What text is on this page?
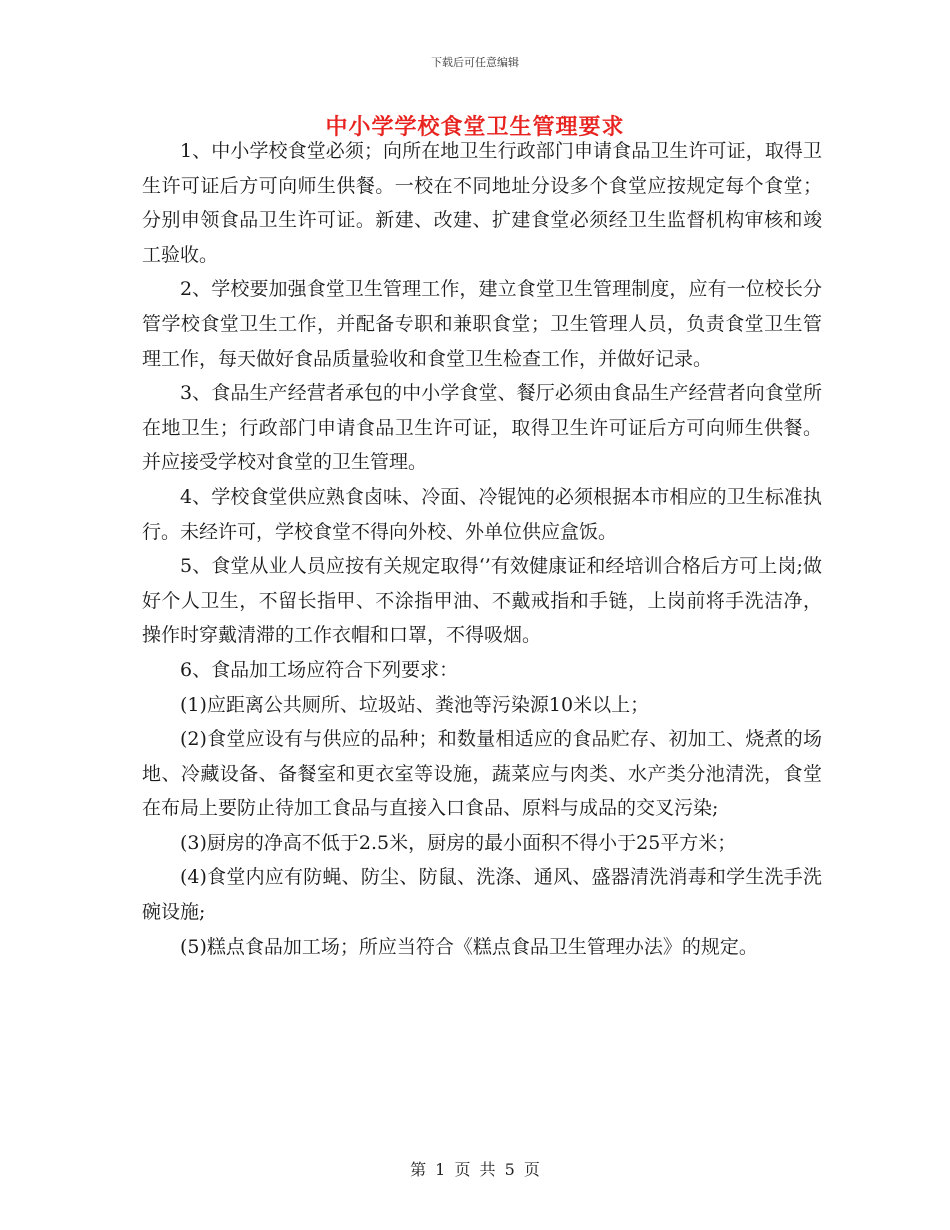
下载后可任意编辑
中小学学校食堂卫生管理要求

1、中小学校食堂必须；向所在地卫生行政部门申请食品卫生许可证，取得卫生许可证后方可向师生供餐。一校在不同地址分设多个食堂应按规定每个食堂；分别申领食品卫生许可证。新建、改建、扩建食堂必须经卫生监督机构审核和竣工验收。

2、学校要加强食堂卫生管理工作，建立食堂卫生管理制度，应有一位校长分管学校食堂卫生工作，并配备专职和兼职食堂；卫生管理人员，负责食堂卫生管理工作，每天做好食品质量验收和食堂卫生检查工作，并做好记录。

3、食品生产经营者承包的中小学食堂、餐厅必须由食品生产经营者向食堂所在地卫生；行政部门申请食品卫生许可证，取得卫生许可证后方可向师生供餐。并应接受学校对食堂的卫生管理。

4、学校食堂供应熟食卤味、冷面、冷锟饨的必须根据本市相应的卫生标准执行。未经许可，学校食堂不得向外校、外单位供应盒饭。

5、食堂从业人员应按有关规定取得‘’有效健康证和经培训合格后方可上岗;做好个人卫生，不留长指甲、不涂指甲油、不戴戒指和手链，上岗前将手洗洁净，操作时穿戴清滞的工作衣帽和口罩，不得吸烟。

6、食品加工场应符合下列要求：

(1)应距离公共厕所、垃圾站、粪池等污染源10米以上；

(2)食堂应设有与供应的品种；和数量相适应的食品贮存、初加工、烧煮的场地、冷藏设备、备餐室和更衣室等设施，蔬菜应与肉类、水产类分池清洗，食堂在布局上要防止待加工食品与直接入口食品、原料与成品的交叉污染;

(3)厨房的净高不低于2.5米，厨房的最小面积不得小于25平方米；

(4)食堂内应有防蝇、防尘、防鼠、洗涤、通风、盛器清洗消毒和学生洗手洗碗设施;

(5)糕点食品加工场；所应当符合《糕点食品卫生管理办法》的规定。

第 1 页 共 5 页
